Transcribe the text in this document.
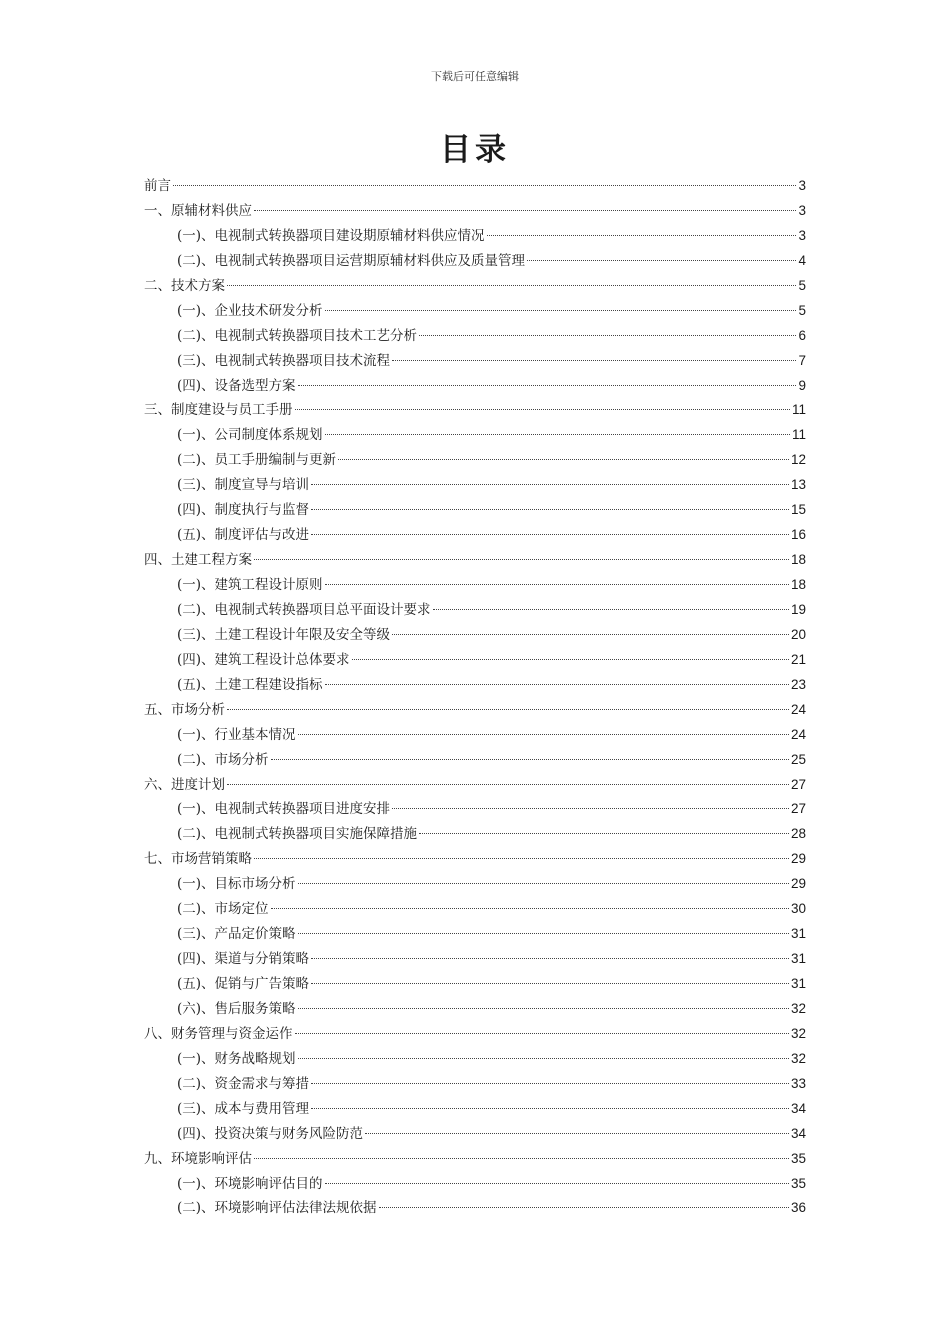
下载后可任意编辑
目录
前言	3
一、原辅材料供应	3
(一)、电视制式转换器项目建设期原辅材料供应情况	3
(二)、电视制式转换器项目运营期原辅材料供应及质量管理	4
二、技术方案	5
(一)、企业技术研发分析	5
(二)、电视制式转换器项目技术工艺分析	6
(三)、电视制式转换器项目技术流程	7
(四)、设备选型方案	9
三、制度建设与员工手册	11
(一)、公司制度体系规划	11
(二)、员工手册编制与更新	12
(三)、制度宣导与培训	13
(四)、制度执行与监督	15
(五)、制度评估与改进	16
四、土建工程方案	18
(一)、建筑工程设计原则	18
(二)、电视制式转换器项目总平面设计要求	19
(三)、土建工程设计年限及安全等级	20
(四)、建筑工程设计总体要求	21
(五)、土建工程建设指标	23
五、市场分析	24
(一)、行业基本情况	24
(二)、市场分析	25
六、进度计划	27
(一)、电视制式转换器项目进度安排	27
(二)、电视制式转换器项目实施保障措施	28
七、市场营销策略	29
(一)、目标市场分析	29
(二)、市场定位	30
(三)、产品定价策略	31
(四)、渠道与分销策略	31
(五)、促销与广告策略	31
(六)、售后服务策略	32
八、财务管理与资金运作	32
(一)、财务战略规划	32
(二)、资金需求与筹措	33
(三)、成本与费用管理	34
(四)、投资决策与财务风险防范	34
九、环境影响评估	35
(一)、环境影响评估目的	35
(二)、环境影响评估法律法规依据	36
